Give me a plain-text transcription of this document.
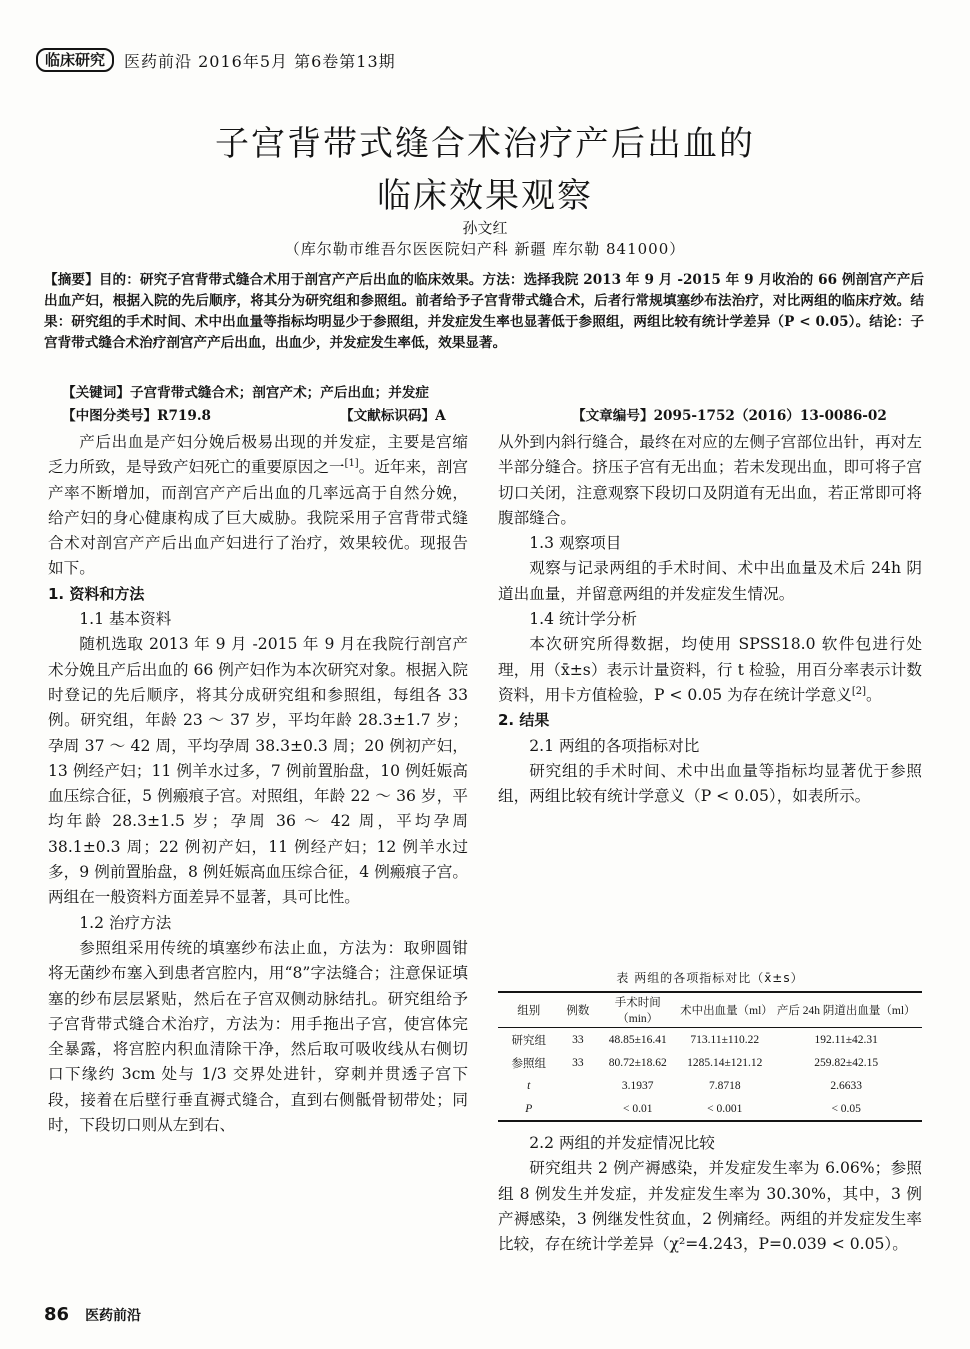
临床研究	医药前沿 2016年5月 第6卷第13期
子宫背带式缝合术治疗产后出血的
临床效果观察
孙文红
（库尔勒市维吾尔医医院妇产科 新疆 库尔勒 841000）
【摘要】目的：研究子宫背带式缝合术用于剖宫产产后出血的临床效果。方法：选择我院 2013 年 9 月 -2015 年 9 月收治的 66 例剖宫产产后出血产妇，根据入院的先后顺序，将其分为研究组和参照组。前者给予子宫背带式缝合术，后者行常规填塞纱布法治疗，对比两组的临床疗效。结果：研究组的手术时间、术中出血量等指标均明显少于参照组，并发症发生率也显著低于参照组，两组比较有统计学差异（P < 0.05）。结论：子宫背带式缝合术治疗剖宫产产后出血，出血少，并发症发生率低，效果显著。
【关键词】子宫背带式缝合术；剖宫产术；产后出血；并发症
【中图分类号】R719.8	【文献标识码】A	【文章编号】2095-1752（2016）13-0086-02

产后出血是产妇分娩后极易出现的并发症，主要是宫缩乏力所致，是导致产妇死亡的重要原因之一[1]。近年来，剖宫产率不断增加，而剖宫产产后出血的几率远高于自然分娩，给产妇的身心健康构成了巨大威胁。我院采用子宫背带式缝合术对剖宫产产后出血产妇进行了治疗，效果较优。现报告如下。

1. 资料和方法

1.1 基本资料

随机选取 2013 年 9 月 -2015 年 9 月在我院行剖宫产术分娩且产后出血的 66 例产妇作为本次研究对象。根据入院时登记的先后顺序，将其分成研究组和参照组，每组各 33 例。研究组，年龄 23 ～ 37 岁，平均年龄 28.3±1.7 岁；孕周 37 ～ 42 周，平均孕周 38.3±0.3 周；20 例初产妇，13 例经产妇；11 例羊水过多，7 例前置胎盘，10 例妊娠高血压综合征，5 例瘢痕子宫。对照组，年龄 22 ～ 36 岁，平均年龄 28.3±1.5 岁；孕周 36 ～ 42 周，平均孕周 38.1±0.3 周；22 例初产妇，11 例经产妇；12 例羊水过多，9 例前置胎盘，8 例妊娠高血压综合征，4 例瘢痕子宫。两组在一般资料方面差异不显著，具可比性。

1.2 治疗方法

参照组采用传统的填塞纱布法止血，方法为：取卵圆钳将无菌纱布塞入到患者宫腔内，用“8”字法缝合；注意保证填塞的纱布层层紧贴，然后在子宫双侧动脉结扎。研究组给予子宫背带式缝合术治疗，方法为：用手拖出子宫，使宫体完全暴露，将宫腔内积血清除干净，然后取可吸收线从右侧切口下缘约 3cm 处与 1/3 交界处进针，穿刺并贯透子宫下段，接着在后壁行垂直褥式缝合，直到右侧骶骨韧带处；同时，下段切口则从左到右、

从外到内斜行缝合，最终在对应的左侧子宫部位出针，再对左半部分缝合。挤压子宫有无出血；若未发现出血，即可将子宫切口关闭，注意观察下段切口及阴道有无出血，若正常即可将腹部缝合。

1.3 观察项目

观察与记录两组的手术时间、术中出血量及术后 24h 阴道出血量，并留意两组的并发症发生情况。

1.4 统计学分析

本次研究所得数据，均使用 SPSS18.0 软件包进行处理，用（x̄±s）表示计量资料，行 t 检验，用百分率表示计数资料，用卡方值检验，P < 0.05 为存在统计学意义[2]。

2. 结果

2.1 两组的各项指标对比

研究组的手术时间、术中出血量等指标均显著优于参照组，两组比较有统计学意义（P < 0.05），如表所示。

表 两组的各项指标对比（x̄±s）
组别	例数	手术时间（min）	术中出血量（ml）	产后 24h 阴道出血量（ml）
研究组	33	48.85±16.41	713.11±110.22	192.11±42.31
参照组	33	80.72±18.62	1285.14±121.12	259.82±42.15
t		3.1937	7.8718	2.6633
P		< 0.01	< 0.001	< 0.05

2.2 两组的并发症情况比较

研究组共 2 例产褥感染，并发症发生率为 6.06%；参照组 8 例发生并发症，并发症发生率为 30.30%，其中，3 例产褥感染，3 例继发性贫血，2 例痛经。两组的并发症发生率比较，存在统计学差异（χ²=4.243，P=0.039 < 0.05）。

86 医药前沿
